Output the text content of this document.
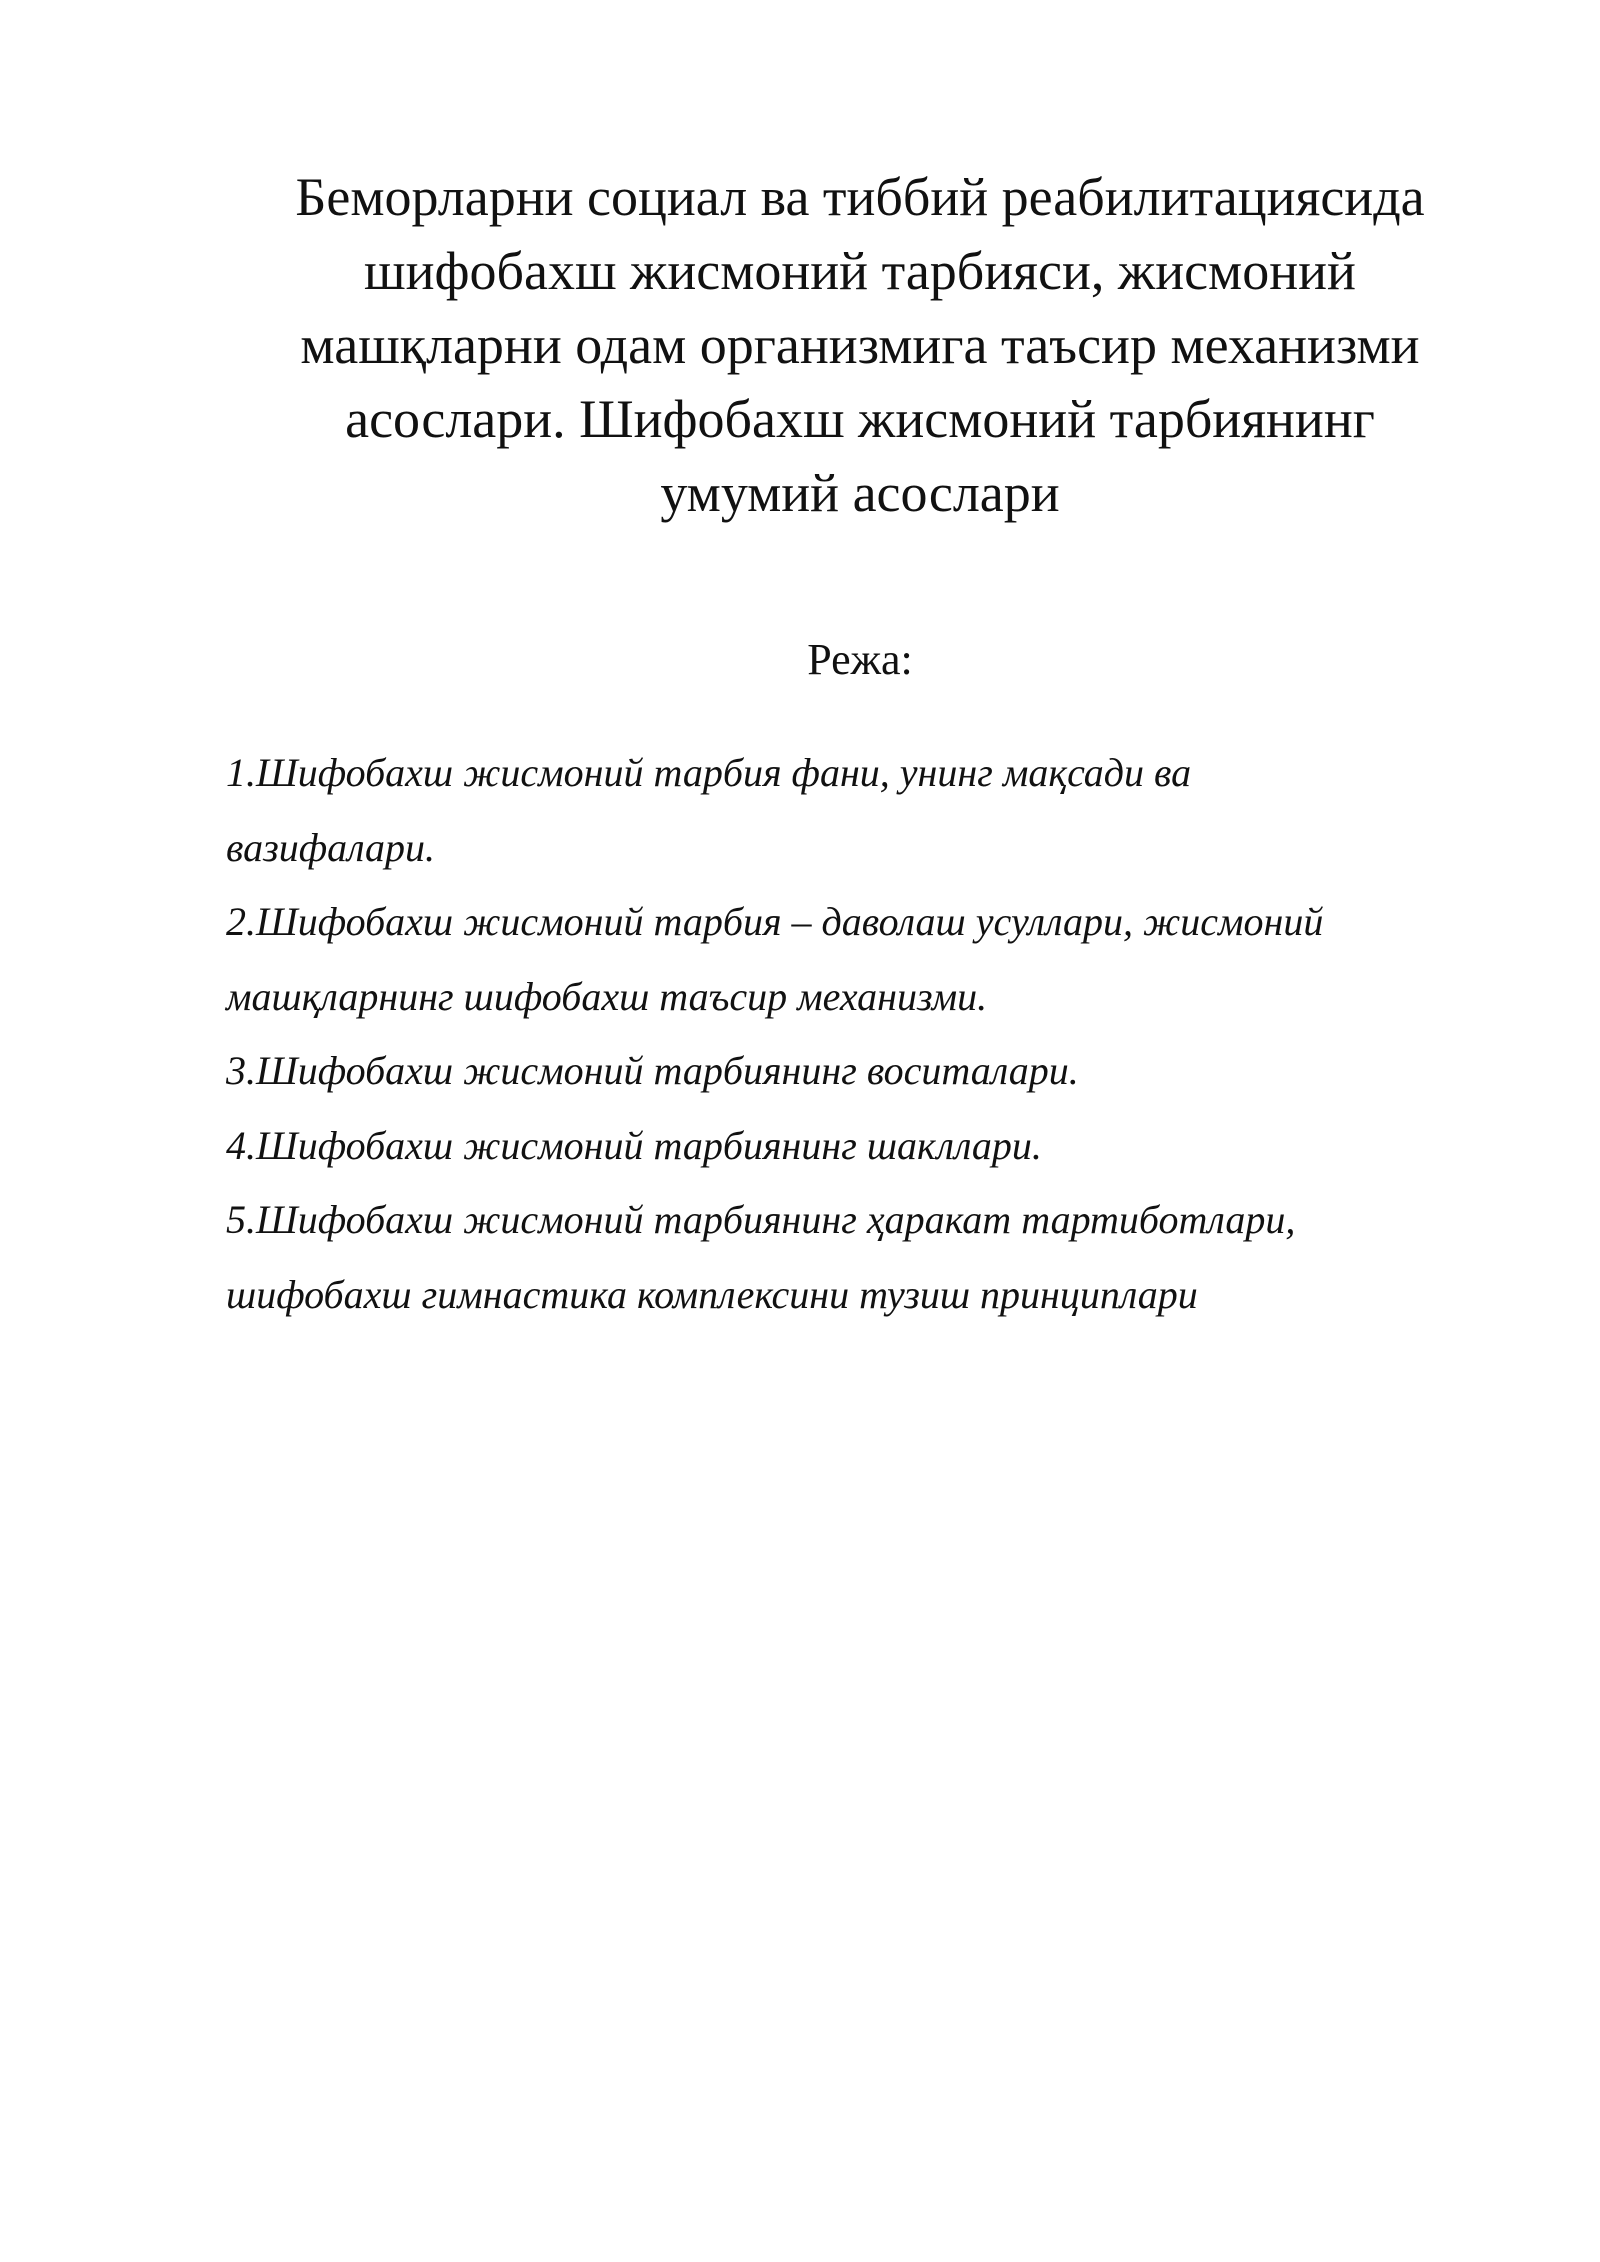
Беморларни социал ва тиббий реабилитациясида
шифобахш жисмоний тарбияси, жисмоний
машқларни одам организмига таъсир механизми
асослари. Шифобахш жисмоний тарбиянинг
умумий асослари
Режа:
1.Шифобахш жисмоний тарбия фани, унинг мақсади ва
вазифалари.
2.Шифобахш жисмоний тарбия – даволаш усуллари, жисмоний
машқларнинг шифобахш таъсир механизми.
3.Шифобахш жисмоний тарбиянинг воситалари.
4.Шифобахш жисмоний тарбиянинг шакллари.
5.Шифобахш жисмоний тарбиянинг ҳаракат тартиботлари,
шифобахш гимнастика комплексини тузиш принциплари
